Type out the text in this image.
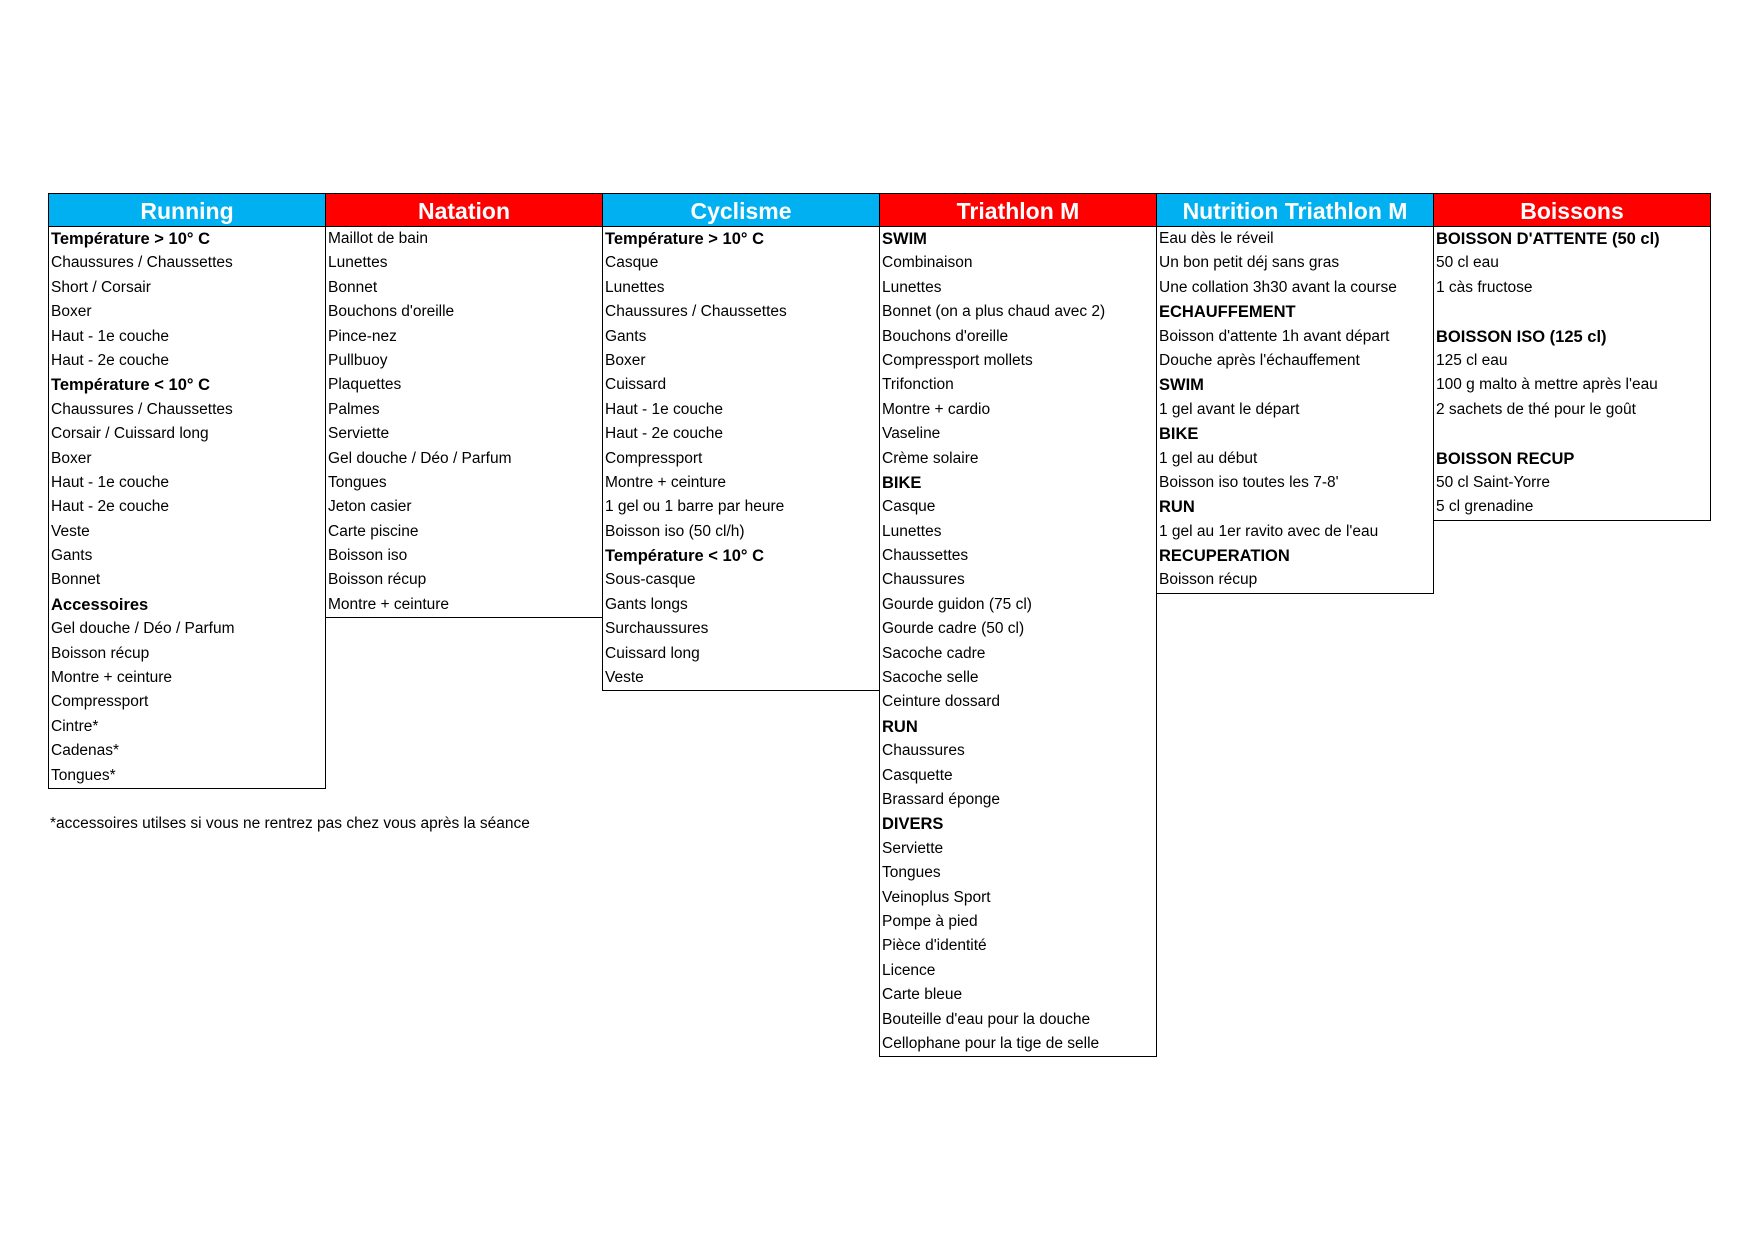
Running
Température > 10° C
Chaussures / Chaussettes
Short / Corsair
Boxer
Haut - 1e couche
Haut - 2e couche
Température < 10° C
Chaussures / Chaussettes
Corsair / Cuissard long
Boxer
Haut - 1e couche
Haut - 2e couche
Veste
Gants
Bonnet
Accessoires
Gel douche / Déo / Parfum
Boisson récup
Montre + ceinture
Compressport
Cintre*
Cadenas*
Tongues*
Natation
Maillot de bain
Lunettes
Bonnet
Bouchons d'oreille
Pince-nez
Pullbuoy
Plaquettes
Palmes
Serviette
Gel douche / Déo / Parfum
Tongues
Jeton casier
Carte piscine
Boisson iso
Boisson récup
Montre + ceinture
Cyclisme
Température > 10° C
Casque
Lunettes
Chaussures / Chaussettes
Gants
Boxer
Cuissard
Haut - 1e couche
Haut - 2e couche
Compressport
Montre + ceinture
1 gel ou 1 barre par heure
Boisson iso (50 cl/h)
Température < 10° C
Sous-casque
Gants longs
Surchaussures
Cuissard long
Veste
Triathlon M
SWIM
Combinaison
Lunettes
Bonnet (on a plus chaud avec 2)
Bouchons d'oreille
Compressport mollets
Trifonction
Montre + cardio
Vaseline
Crème solaire
BIKE
Casque
Lunettes
Chaussettes
Chaussures
Gourde guidon (75 cl)
Gourde cadre (50 cl)
Sacoche cadre
Sacoche selle
Ceinture dossard
RUN
Chaussures
Casquette
Brassard éponge
DIVERS
Serviette
Tongues
Veinoplus Sport
Pompe à pied
Pièce d'identité
Licence
Carte bleue
Bouteille d'eau pour la douche
Cellophane pour la tige de selle
Nutrition Triathlon M
Eau dès le réveil
Un bon petit déj sans gras
Une collation 3h30 avant la course
ECHAUFFEMENT
Boisson d'attente 1h avant départ
Douche après l'échauffement
SWIM
1 gel avant le départ
BIKE
1 gel au début
Boisson iso toutes les 7-8'
RUN
1 gel au 1er ravito avec de l'eau
RECUPERATION
Boisson récup
Boissons
BOISSON D'ATTENTE (50 cl)
50 cl eau
1 càs fructose

BOISSON ISO (125 cl)
125 cl eau
100 g malto à mettre après l'eau
2 sachets de thé pour le goût

BOISSON RECUP
50 cl Saint-Yorre
5 cl grenadine
*accessoires utilses si vous ne rentrez pas chez vous après la séance
